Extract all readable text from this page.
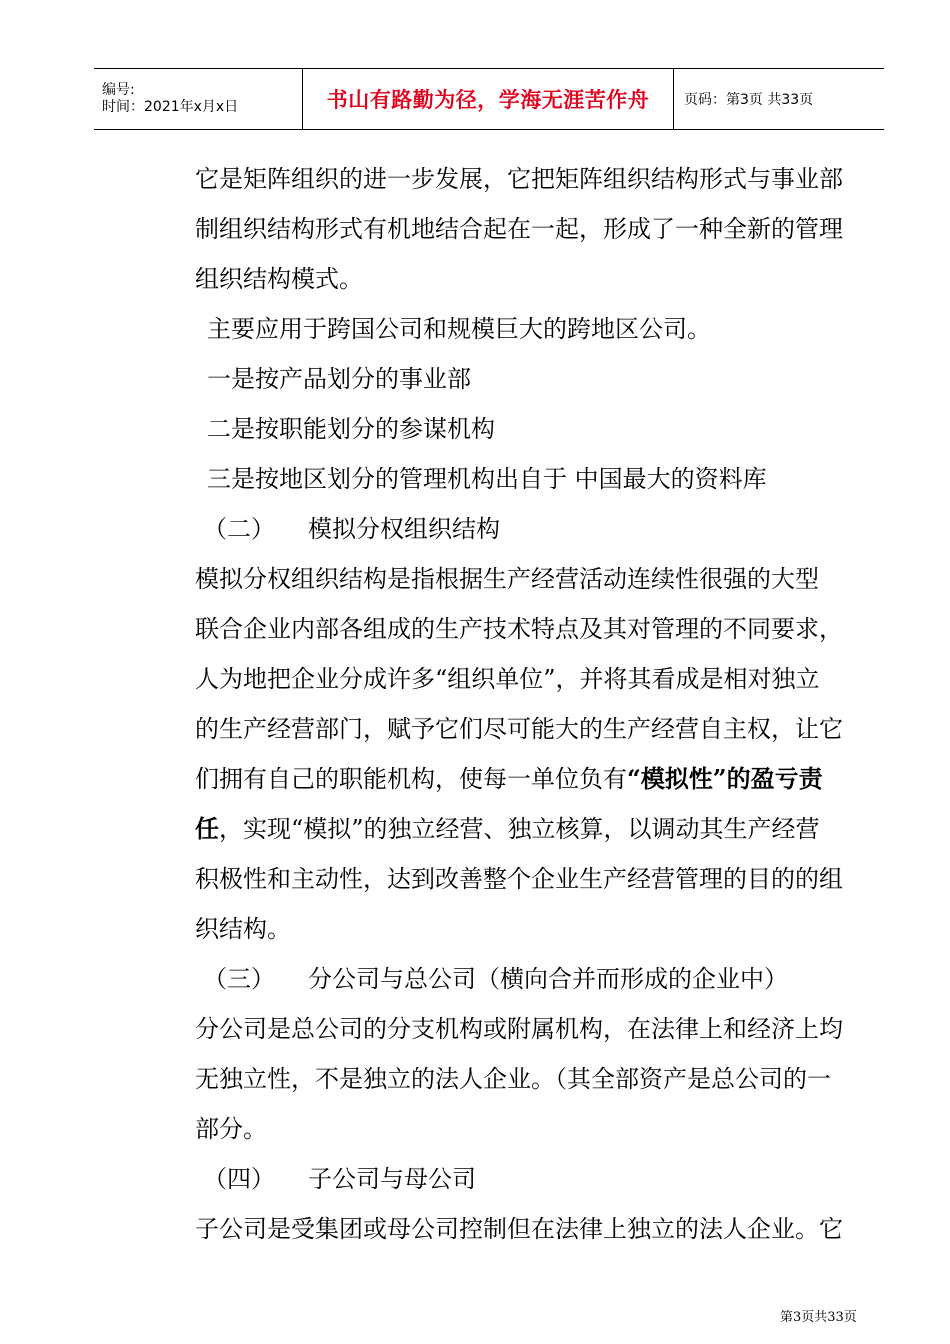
编号:
时间：2021年x月x日	书山有路勤为径，学海无涯苦作舟	页码：第3页 共33页

它是矩阵组织的进一步发展，它把矩阵组织结构形式与事业部

制组织结构形式有机地结合起在一起，形成了一种全新的管理

组织结构模式。

主要应用于跨国公司和规模巨大的跨地区公司。

一是按产品划分的事业部

二是按职能划分的参谋机构

三是按地区划分的管理机构出自于 中国最大的资料库

（二）	模拟分权组织结构

模拟分权组织结构是指根据生产经营活动连续性很强的大型

联合企业内部各组成的生产技术特点及其对管理的不同要求，

人为地把企业分成许多“组织单位”，并将其看成是相对独立

的生产经营部门，赋予它们尽可能大的生产经营自主权，让它

们拥有自己的职能机构，使每一单位负有“模拟性”的盈亏责

任，实现“模拟”的独立经营、独立核算，以调动其生产经营

积极性和主动性，达到改善整个企业生产经营管理的目的的组

织结构。

（三）	分公司与总公司（横向合并而形成的企业中）

分公司是总公司的分支机构或附属机构，在法律上和经济上均

无独立性，不是独立的法人企业。（其全部资产是总公司的一

部分。

（四）	子公司与母公司

子公司是受集团或母公司控制但在法律上独立的法人企业。它

第3页共33页
